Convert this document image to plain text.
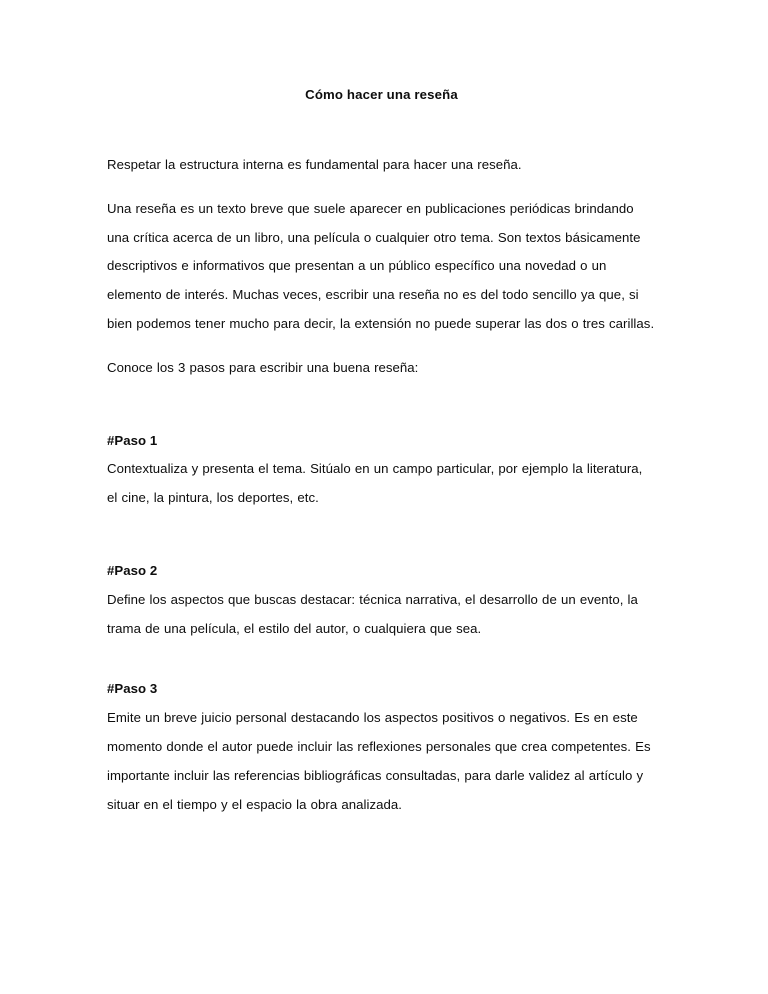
Cómo hacer una reseña

Respetar la estructura interna es fundamental para hacer una reseña.

Una reseña es un texto breve que suele aparecer en publicaciones periódicas brindando una crítica acerca de un libro, una película o cualquier otro tema. Son textos básicamente descriptivos e informativos que presentan a un público específico una novedad o un elemento de interés. Muchas veces, escribir una reseña no es del todo sencillo ya que, si bien podemos tener mucho para decir, la extensión no puede superar las dos o tres carillas.

Conoce los 3 pasos para escribir una buena reseña:

#Paso 1

Contextualiza y presenta el tema. Sitúalo en un campo particular, por ejemplo la literatura, el cine, la pintura, los deportes, etc.

#Paso 2

Define los aspectos que buscas destacar: técnica narrativa, el desarrollo de un evento, la trama de una película, el estilo del autor, o cualquiera que sea.

#Paso 3

Emite un breve juicio personal destacando los aspectos positivos o negativos. Es en este momento donde el autor puede incluir las reflexiones personales que crea competentes. Es importante incluir las referencias bibliográficas consultadas, para darle validez al artículo y situar en el tiempo y el espacio la obra analizada.
